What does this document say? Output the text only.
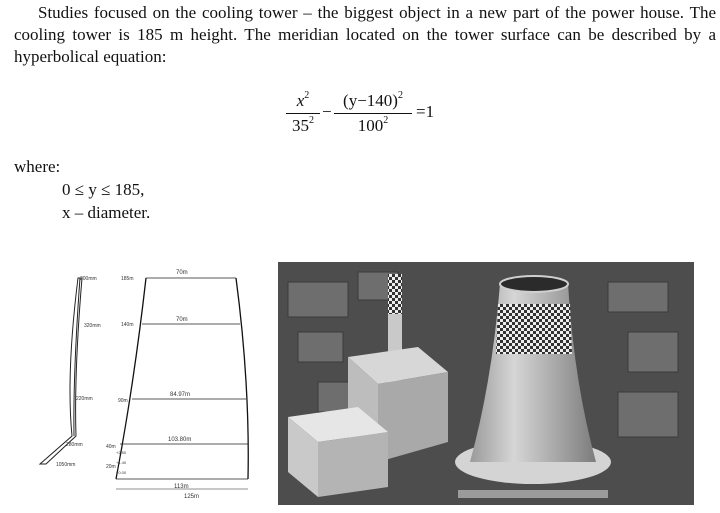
Studies focused on the cooling tower – the biggest object in a new part of the power house. The cooling tower is 185 m height. The meridian located on the tower surface can be described by a hyperbolical equation:

$\frac{x^2}{35^2} - \frac{(y-140)^2}{100^2} =1$
where:
0 ≤ y ≤ 185,
x – diameter.
300mm
320mm
220mm
280mm
1050mm
185m
140m
90m
40m
20m
70m
70m
84.97m
103.80m
113m
125m
+2.50
+1.40
+0.00
